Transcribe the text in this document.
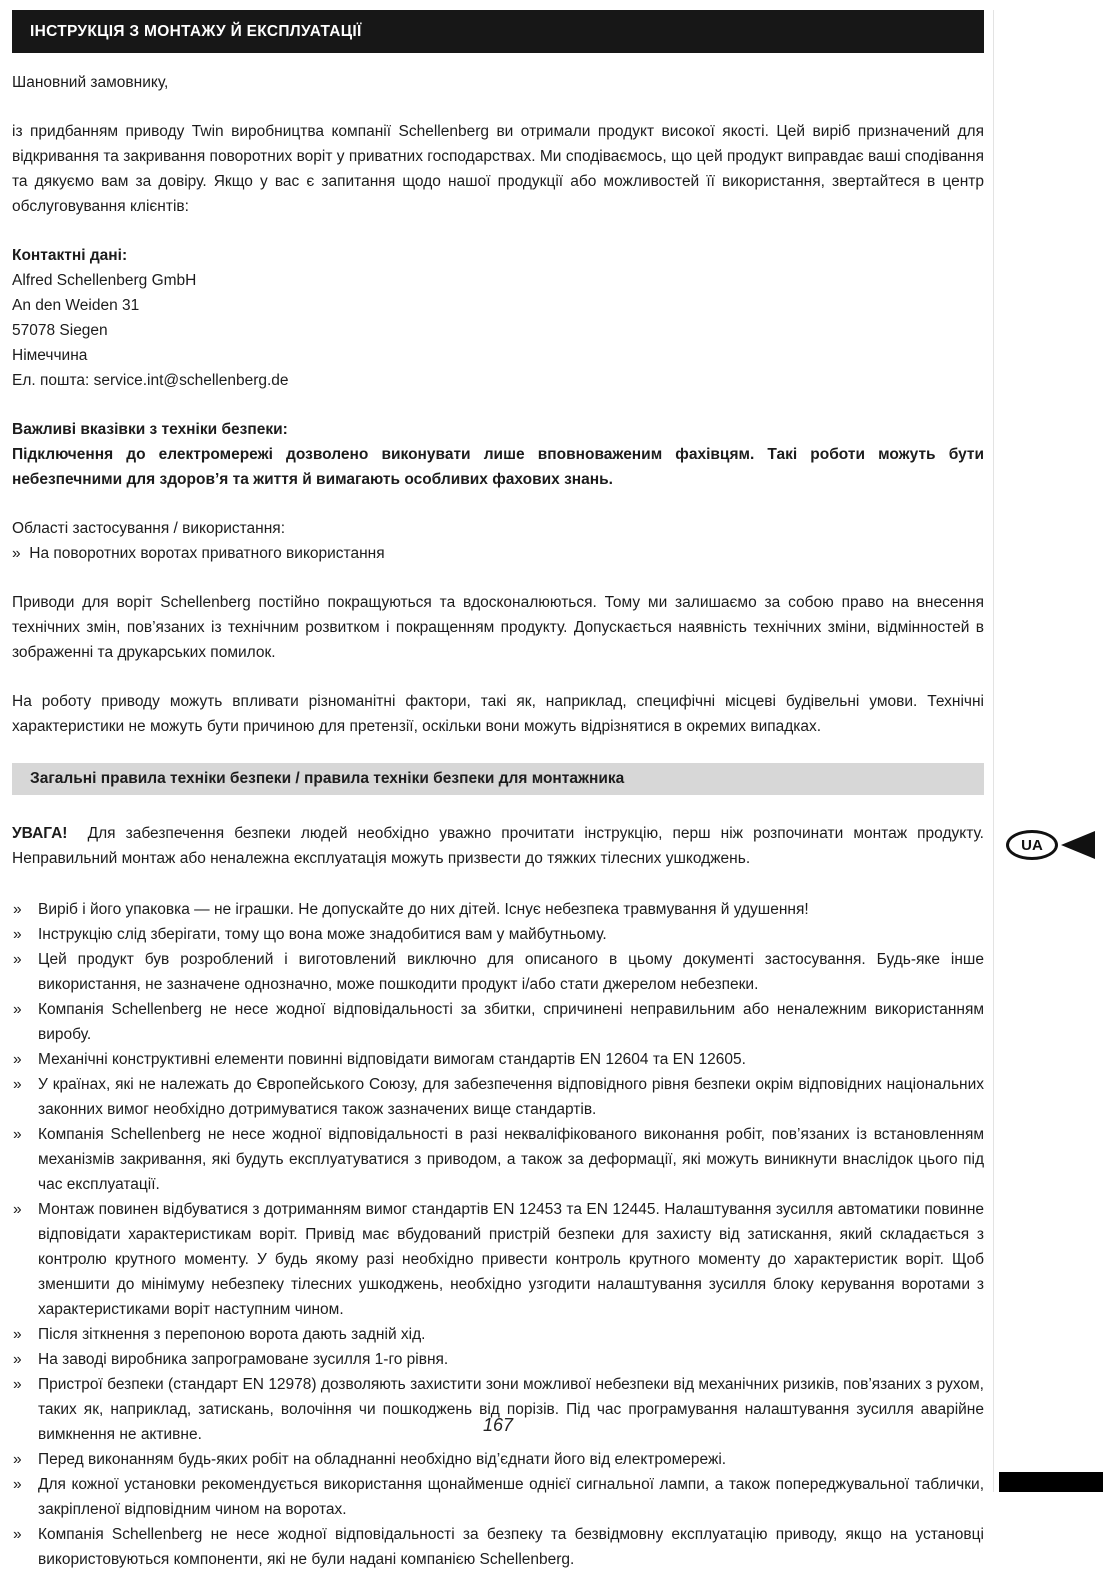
ІНСТРУКЦІЯ З МОНТАЖУ Й ЕКСПЛУАТАЦІЇ
Шановний замовнику,
із придбанням приводу Twin виробництва компанії Schellenberg ви отримали продукт високої якості. Цей виріб призначений для відкривання та закривання поворотних воріт у приватних господарствах. Ми сподіваємось, що цей продукт виправдає ваші сподівання та дякуємо вам за довіру. Якщо у вас є запитання щодо нашої продукції або можливостей її використання, звертайтеся в центр обслуговування клієнтів:
Контактні дані:
Alfred Schellenberg GmbH
An den Weiden 31
57078 Siegen
Німеччина
Ел. пошта: service.int@schellenberg.de
Важливі вказівки з техніки безпеки:
Підключення до електромережі дозволено виконувати лише вповноваженим фахівцям. Такі роботи можуть бути небезпечними для здоров’я та життя й вимагають особливих фахових знань.
Області застосування / використання:
» На поворотних воротах приватного використання
Приводи для воріт Schellenberg постійно покращуються та вдосконалюються. Тому ми залишаємо за собою право на внесення технічних змін, пов’язаних із технічним розвитком і покращенням продукту. Допускається наявність технічних зміни, відмінностей в зображенні та друкарських помилок.
На роботу приводу можуть впливати різноманітні фактори, такі як, наприклад, специфічні місцеві будівельні умови. Технічні характеристики не можуть бути причиною для претензії, оскільки вони можуть відрізнятися в окремих випадках.
Загальні правила техніки безпеки / правила техніки безпеки для монтажника
УВАГА! Для забезпечення безпеки людей необхідно уважно прочитати інструкцію, перш ніж розпочинати монтаж продукту. Неправильний монтаж або неналежна експлуатація можуть призвести до тяжких тілесних ушкоджень.
»	Виріб і його упаковка — не іграшки. Не допускайте до них дітей. Існує небезпека травмування й удушення!
»	Інструкцію слід зберігати, тому що вона може знадобитися вам у майбутньому.
»	Цей продукт був розроблений і виготовлений виключно для описаного в цьому документі застосування. Будь-яке інше використання, не зазначене однозначно, може пошкодити продукт і/або стати джерелом небезпеки.
»	Компанія Schellenberg не несе жодної відповідальності за збитки, спричинені неправильним або неналежним використанням виробу.
»	Механічні конструктивні елементи повинні відповідати вимогам стандартів EN 12604 та EN 12605.
»	У країнах, які не належать до Європейського Союзу, для забезпечення відповідного рівня безпеки окрім відповідних національних законних вимог необхідно дотримуватися також зазначених вище стандартів.
»	Компанія Schellenberg не несе жодної відповідальності в разі некваліфікованого виконання робіт, пов’язаних із встановленням механізмів закривання, які будуть експлуатуватися з приводом, а також за деформації, які можуть виникнути внаслідок цього під час експлуатації.
»	Монтаж повинен відбуватися з дотриманням вимог стандартів EN 12453 та EN 12445. Налаштування зусилля автоматики повинне відповідати характеристикам воріт. Привід має вбудований пристрій безпеки для захисту від затискання, який складається з контролю крутного моменту. У будь якому разі необхідно привести контроль крутного моменту до характеристик воріт. Щоб зменшити до мінімуму небезпеку тілесних ушкоджень, необхідно узгодити налаштування зусилля блоку керування воротами з характеристиками воріт наступним чином.
»	Після зіткнення з перепоною ворота дають задній хід.
»	На заводі виробника запрограмоване зусилля 1-го рівня.
»	Пристрої безпеки (стандарт EN 12978) дозволяють захистити зони можливої небезпеки від механічних ризиків, пов’язаних з рухом, таких як, наприклад, затискань, волочіння чи пошкоджень від порізів. Під час програмування налаштування зусилля аварійне вимкнення не активне.
»	Перед виконанням будь-яких робіт на обладнанні необхідно від’єднати його від електромережі.
»	Для кожної установки рекомендується використання щонайменше однієї сигнальної лампи, а також попереджувальної таблички, закріпленої відповідним чином на воротах.
»	Компанія Schellenberg не несе жодної відповідальності за безпеку та безвідмовну експлуатацію приводу, якщо на установці використовуються компоненти, які не були надані компанією Schellenberg.
UA
167
